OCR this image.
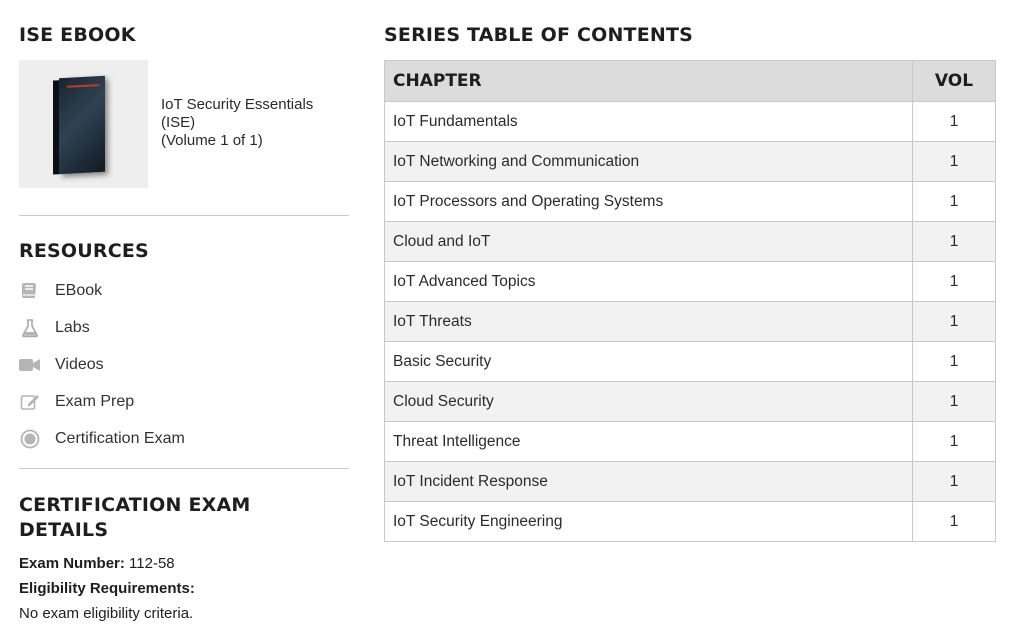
ISE EBOOK
IoT Security Essentials
(ISE)
(Volume 1 of 1)
RESOURCES
EBook
Labs
Videos
Exam Prep
Certification Exam
CERTIFICATION EXAM DETAILS
Exam Number: 112-58
Eligibility Requirements:
No exam eligibility criteria.
SERIES TABLE OF CONTENTS
CHAPTER	VOL
IoT Fundamentals	1
IoT Networking and Communication	1
IoT Processors and Operating Systems	1
Cloud and IoT	1
IoT Advanced Topics	1
IoT Threats	1
Basic Security	1
Cloud Security	1
Threat Intelligence	1
IoT Incident Response	1
IoT Security Engineering	1
